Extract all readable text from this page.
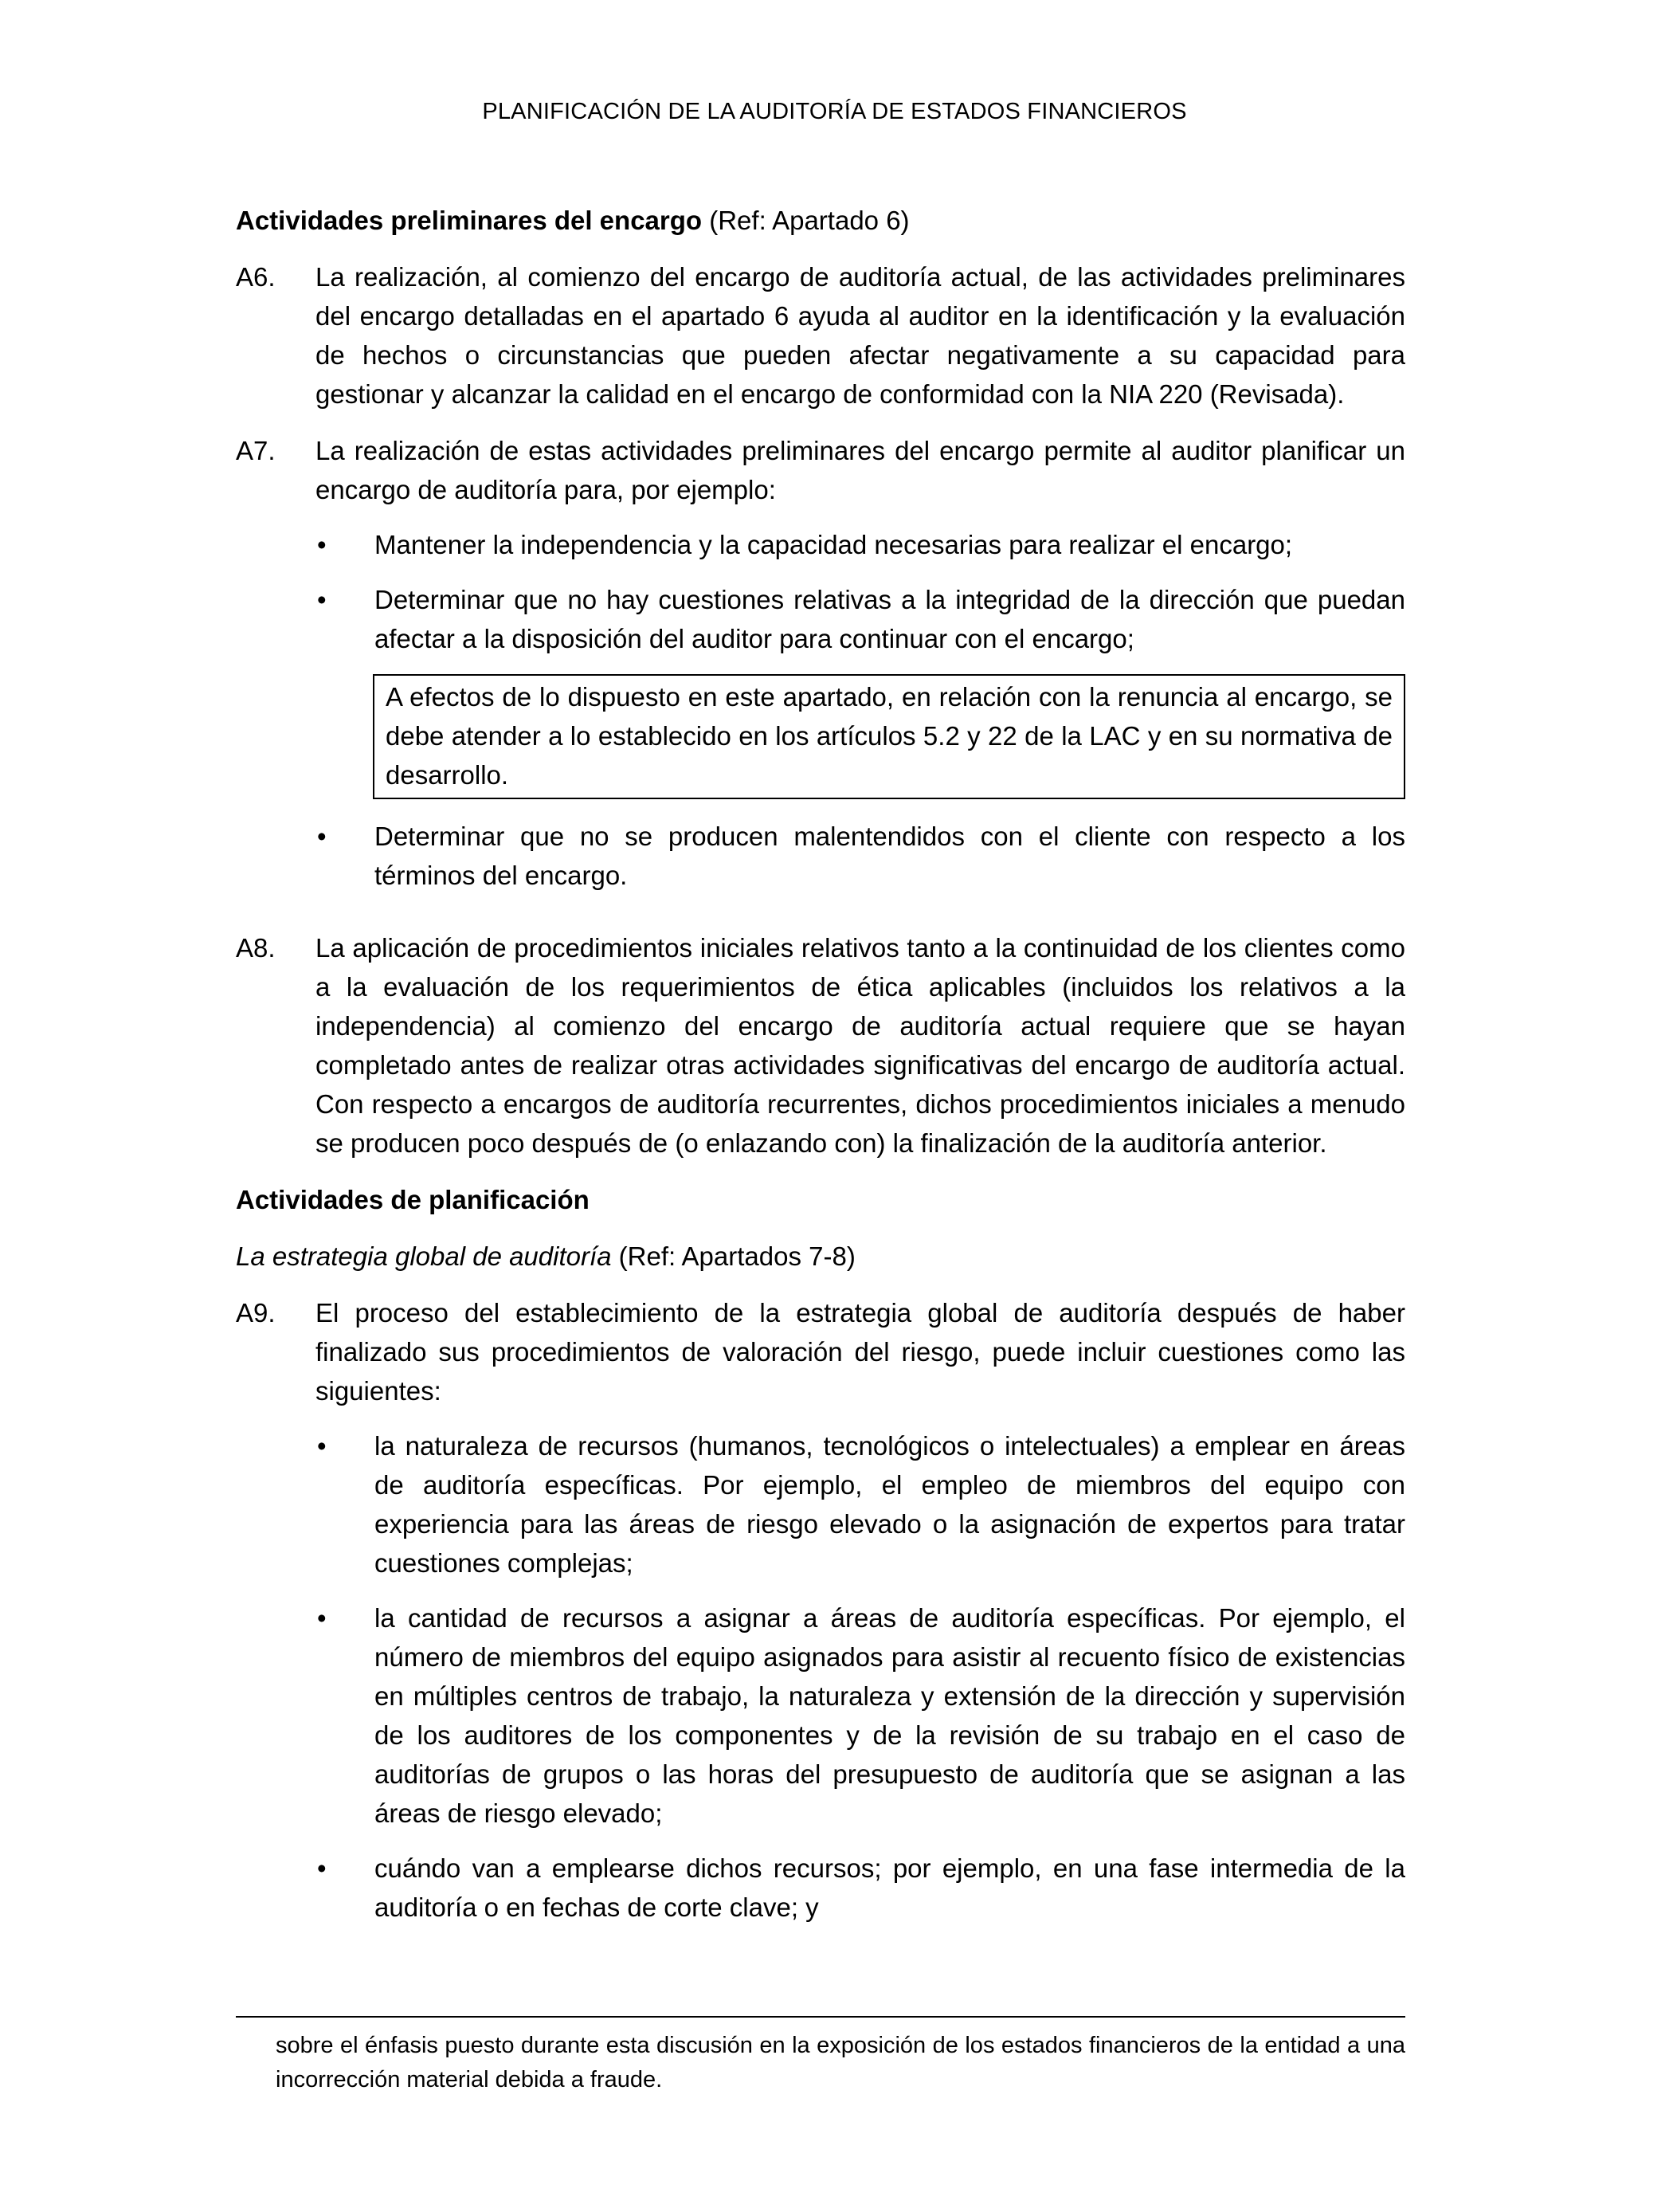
PLANIFICACIÓN DE LA AUDITORÍA DE ESTADOS FINANCIEROS
Actividades preliminares del encargo (Ref: Apartado 6)
A6.	La realización, al comienzo del encargo de auditoría actual, de las actividades preliminares del encargo detalladas en el apartado 6 ayuda al auditor en la identificación y la evaluación de hechos o circunstancias que pueden afectar negativamente a su capacidad para gestionar y alcanzar la calidad en el encargo de conformidad con la NIA 220 (Revisada).

A7.	La realización de estas actividades preliminares del encargo permite al auditor planificar un encargo de auditoría para, por ejemplo:

•	Mantener la independencia y la capacidad necesarias para realizar el encargo;
•	Determinar que no hay cuestiones relativas a la integridad de la dirección que puedan afectar a la disposición del auditor para continuar con el encargo;
A efectos de lo dispuesto en este apartado, en relación con la renuncia al encargo, se debe atender a lo establecido en los artículos 5.2 y 22 de la LAC y en su normativa de desarrollo.
•	Determinar que no se producen malentendidos con el cliente con respecto a los términos del encargo.
A8.	La aplicación de procedimientos iniciales relativos tanto a la continuidad de los clientes como a la evaluación de los requerimientos de ética aplicables (incluidos los relativos a la independencia) al comienzo del encargo de auditoría actual requiere que se hayan completado antes de realizar otras actividades significativas del encargo de auditoría actual. Con respecto a encargos de auditoría recurrentes, dichos procedimientos iniciales a menudo se producen poco después de (o enlazando con) la finalización de la auditoría anterior.

Actividades de planificación
La estrategia global de auditoría (Ref: Apartados 7-8)
A9.	El proceso del establecimiento de la estrategia global de auditoría después de haber finalizado sus procedimientos de valoración del riesgo, puede incluir cuestiones como las siguientes:

•	la naturaleza de recursos (humanos, tecnológicos o intelectuales) a emplear en áreas de auditoría específicas. Por ejemplo, el empleo de miembros del equipo con experiencia para las áreas de riesgo elevado o la asignación de expertos para tratar cuestiones complejas;
•	la cantidad de recursos a asignar a áreas de auditoría específicas. Por ejemplo, el número de miembros del equipo asignados para asistir al recuento físico de existencias en múltiples centros de trabajo, la naturaleza y extensión de la dirección y supervisión de los auditores de los componentes y de la revisión de su trabajo en el caso de auditorías de grupos o las horas del presupuesto de auditoría que se asignan a las áreas de riesgo elevado;
•	cuándo van a emplearse dichos recursos; por ejemplo, en una fase intermedia de la auditoría o en fechas de corte clave; y
sobre el énfasis puesto durante esta discusión en la exposición de los estados financieros de la entidad a una incorrección material debida a fraude.
